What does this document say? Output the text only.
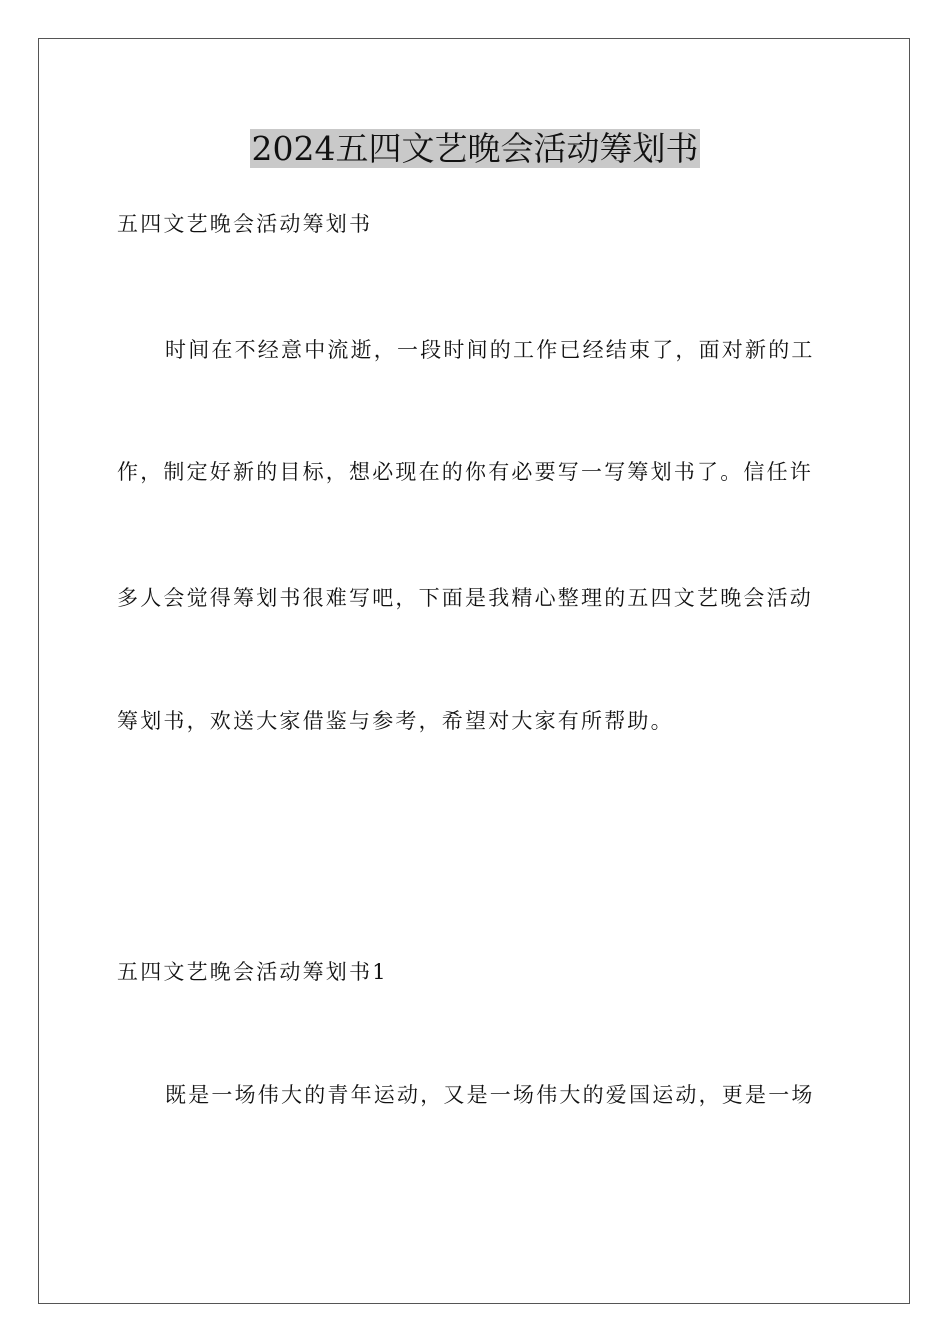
2024五四文艺晚会活动筹划书
五四文艺晚会活动筹划书
时间在不经意中流逝，一段时间的工作已经结束了，面对新的工
作，制定好新的目标，想必现在的你有必要写一写筹划书了。信任许
多人会觉得筹划书很难写吧，下面是我精心整理的五四文艺晚会活动
筹划书，欢送大家借鉴与参考，希望对大家有所帮助。
五四文艺晚会活动筹划书1
既是一场伟大的青年运动，又是一场伟大的爱国运动，更是一场
